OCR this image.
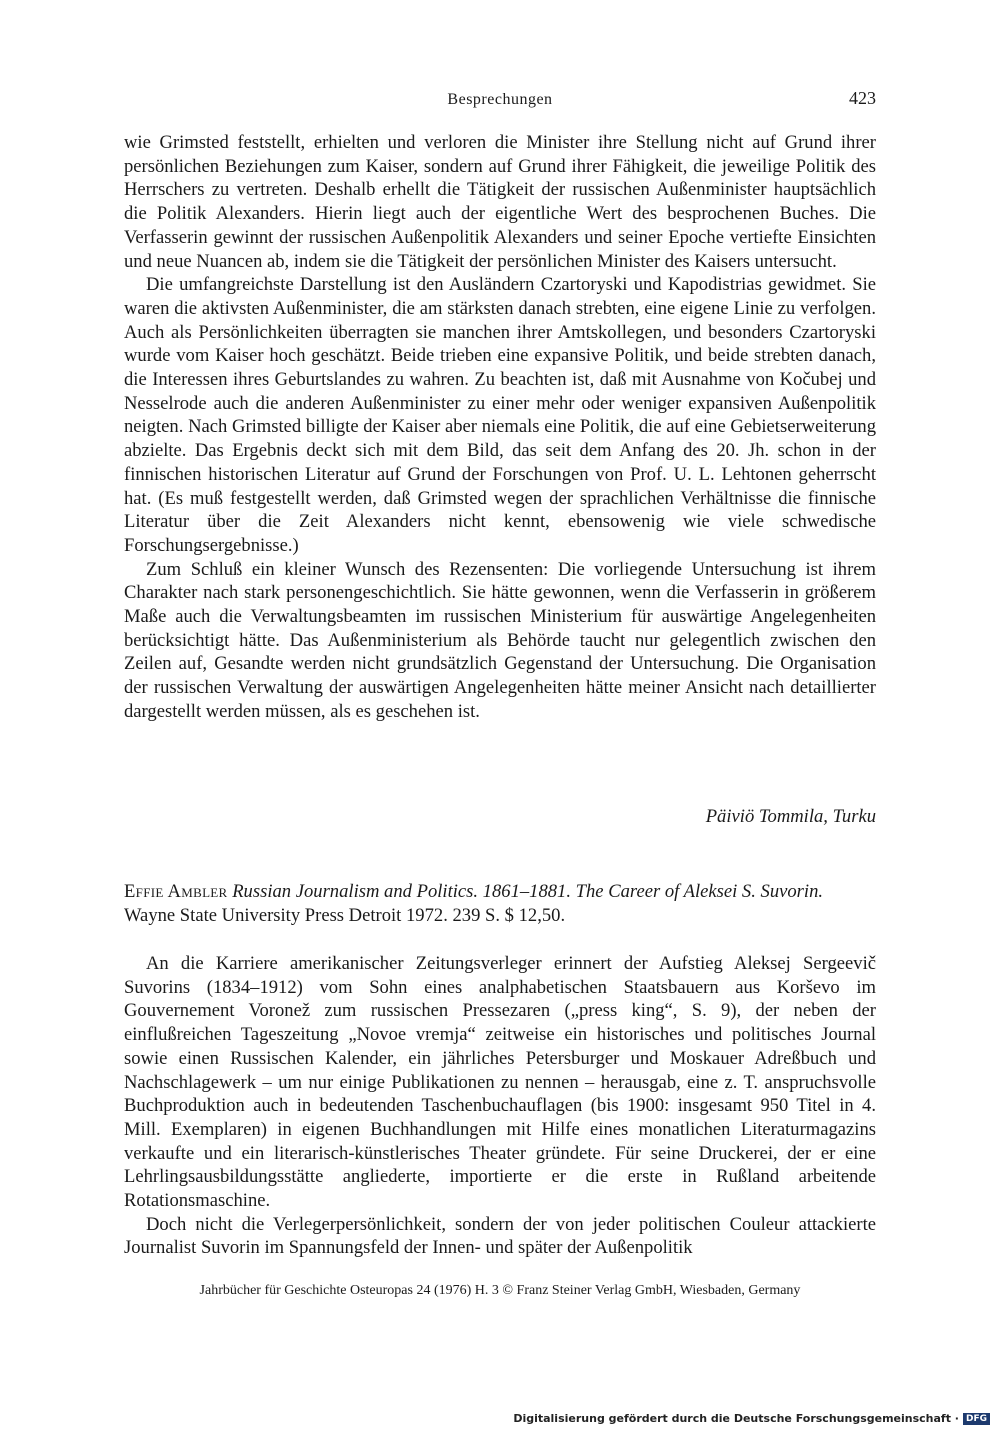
Besprechungen	423

wie Grimsted feststellt, erhielten und verloren die Minister ihre Stellung nicht auf Grund ihrer persönlichen Beziehungen zum Kaiser, sondern auf Grund ihrer Fähigkeit, die jeweilige Politik des Herrschers zu vertreten. Deshalb erhellt die Tätigkeit der russischen Außenminister hauptsächlich die Politik Alexanders. Hierin liegt auch der eigentliche Wert des besprochenen Buches. Die Verfasserin gewinnt der russischen Außenpolitik Alexanders und seiner Epoche vertiefte Einsichten und neue Nuancen ab, indem sie die Tätigkeit der persönlichen Minister des Kaisers untersucht.

Die umfangreichste Darstellung ist den Ausländern Czartoryski und Kapodistrias gewidmet. Sie waren die aktivsten Außenminister, die am stärksten danach strebten, eine eigene Linie zu verfolgen. Auch als Persönlichkeiten überragten sie manchen ihrer Amtskollegen, und besonders Czartoryski wurde vom Kaiser hoch geschätzt. Beide trieben eine expansive Politik, und beide strebten danach, die Interessen ihres Geburtslandes zu wahren. Zu beachten ist, daß mit Ausnahme von Kočubej und Nesselrode auch die anderen Außenminister zu einer mehr oder weniger expansiven Außenpolitik neigten. Nach Grimsted billigte der Kaiser aber niemals eine Politik, die auf eine Gebietserweiterung abzielte. Das Ergebnis deckt sich mit dem Bild, das seit dem Anfang des 20. Jh. schon in der finnischen historischen Literatur auf Grund der Forschungen von Prof. U. L. Lehtonen geherrscht hat. (Es muß festgestellt werden, daß Grimsted wegen der sprachlichen Verhältnisse die finnische Literatur über die Zeit Alexanders nicht kennt, ebensowenig wie viele schwedische Forschungsergebnisse.)

Zum Schluß ein kleiner Wunsch des Rezensenten: Die vorliegende Untersuchung ist ihrem Charakter nach stark personengeschichtlich. Sie hätte gewonnen, wenn die Verfasserin in größerem Maße auch die Verwaltungsbeamten im russischen Ministerium für auswärtige Angelegenheiten berücksichtigt hätte. Das Außenministerium als Behörde taucht nur gelegentlich zwischen den Zeilen auf, Gesandte werden nicht grundsätzlich Gegenstand der Untersuchung. Die Organisation der russischen Verwaltung der auswärtigen Angelegenheiten hätte meiner Ansicht nach detaillierter dargestellt werden müssen, als es geschehen ist.

Päiviö Tommila, Turku
Effie Ambler Russian Journalism and Politics. 1861–1881. The Career of Aleksei S. Suvorin.
Wayne State University Press Detroit 1972. 239 S. $ 12,50.

An die Karriere amerikanischer Zeitungsverleger erinnert der Aufstieg Aleksej Sergeevič Suvorins (1834–1912) vom Sohn eines analphabetischen Staatsbauern aus Korševo im Gouvernement Voronež zum russischen Pressezaren („press king“, S. 9), der neben der einflußreichen Tageszeitung „Novoe vremja“ zeitweise ein historisches und politisches Journal sowie einen Russischen Kalender, ein jährliches Petersburger und Moskauer Adreßbuch und Nachschlagewerk – um nur einige Publikationen zu nennen – herausgab, eine z. T. anspruchsvolle Buchproduktion auch in bedeutenden Taschenbuchauflagen (bis 1900: insgesamt 950 Titel in 4. Mill. Exemplaren) in eigenen Buchhandlungen mit Hilfe eines monatlichen Literaturmagazins verkaufte und ein literarisch-künstlerisches Theater gründete. Für seine Druckerei, der er eine Lehrlingsausbildungsstätte angliederte, importierte er die erste in Rußland arbeitende Rotationsmaschine.

Doch nicht die Verlegerpersönlichkeit, sondern der von jeder politischen Couleur attackierte Journalist Suvorin im Spannungsfeld der Innen- und später der Außenpolitik

Jahrbücher für Geschichte Osteuropas 24 (1976) H. 3 © Franz Steiner Verlag GmbH, Wiesbaden, Germany
Digitalisierung gefördert durch die Deutsche Forschungsgemeinschaft · DFG
